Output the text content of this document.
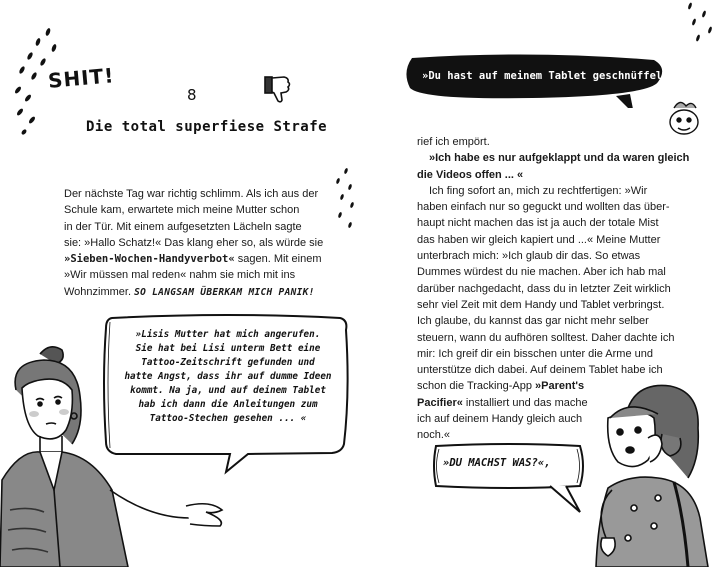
SHIT!
8
Die total superfiese Strafe
Der nächste Tag war richtig schlimm. Als ich aus der
Schule kam, erwartete mich meine Mutter schon
in der Tür. Mit einem aufgesetzten Lächeln sagte
sie: »Hallo Schatz!« Das klang eher so, als würde sie
»Sieben-Wochen-Handyverbot« sagen. Mit einem
»Wir müssen mal reden« nahm sie mich mit ins
Wohnzimmer. SO LANGSAM ÜBERKAM MICH PANIK!
»Lisis Mutter hat mich angerufen.
Sie hat bei Lisi unterm Bett eine
Tattoo-Zeitschrift gefunden und
hatte Angst, dass ihr auf dumme Ideen
kommt. Na ja, und auf deinem Tablet
hab ich dann die Anleitungen zum
Tattoo-Stechen gesehen ... «
»Du hast auf meinem Tablet geschnüffelt?«,
rief ich empört.
»Ich habe es nur aufgeklappt und da waren gleich
die Videos offen ... «
Ich fing sofort an, mich zu rechtfertigen: »Wir
haben einfach nur so geguckt und wollten das über-
haupt nicht machen das ist ja auch der totale Mist
das haben wir gleich kapiert und ...« Meine Mutter
unterbrach mich: »Ich glaub dir das. So etwas
Dummes würdest du nie machen. Aber ich hab mal
darüber nachgedacht, dass du in letzter Zeit wirklich
sehr viel Zeit mit dem Handy und Tablet verbringst.
Ich glaube, du kannst das gar nicht mehr selber
steuern, wann du aufhören solltest. Daher dachte ich
mir: Ich greif dir ein bisschen unter die Arme und
unterstütze dich dabei. Auf deinem Tablet habe ich
schon die Tracking-App »Parent's
Pacifier« installiert und das mache
ich auf deinem Handy gleich auch
noch.«
»DU MACHST WAS?«,
